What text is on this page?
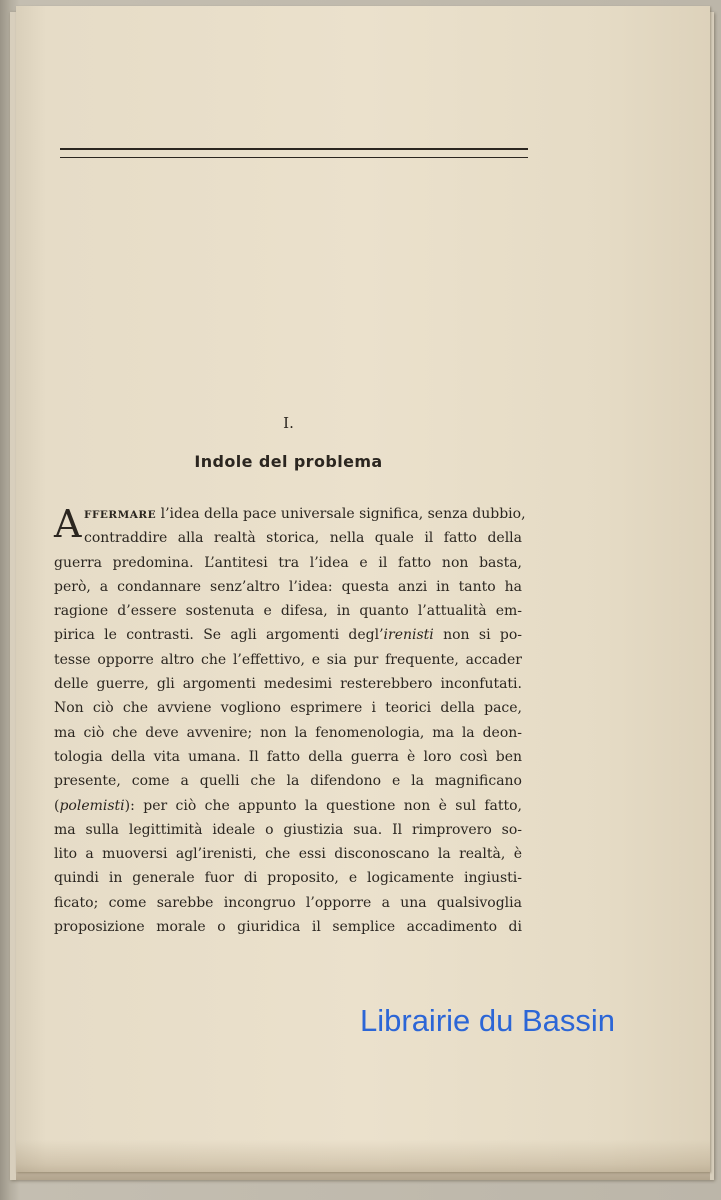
I.
Indole del problema
A FFERMARE l’idea della pace universale significa, senza dubbio,
contraddire alla realtà storica, nella quale il fatto della
guerra predomina. L’antitesi tra l’idea e il fatto non basta,
però, a condannare senz’altro l’idea: questa anzi in tanto ha
ragione d’essere sostenuta e difesa, in quanto l’attualità em-
pirica le contrasti. Se agli argomenti degl’irenisti non si po-
tesse opporre altro che l’effettivo, e sia pur frequente, accader
delle guerre, gli argomenti medesimi resterebbero inconfutati.
Non ciò che avviene vogliono esprimere i teorici della pace,
ma ciò che deve avvenire; non la fenomenologia, ma la deon-
tologia della vita umana. Il fatto della guerra è loro così ben
presente, come a quelli che la difendono e la magnificano
(polemisti): per ciò che appunto la questione non è sul fatto,
ma sulla legittimità ideale o giustizia sua. Il rimprovero so-
lito a muoversi agl’irenisti, che essi disconoscano la realtà, è
quindi in generale fuor di proposito, e logicamente ingiusti-
ficato; come sarebbe incongruo l’opporre a una qualsivoglia
proposizione morale o giuridica il semplice accadimento di
Librairie du Bassin
